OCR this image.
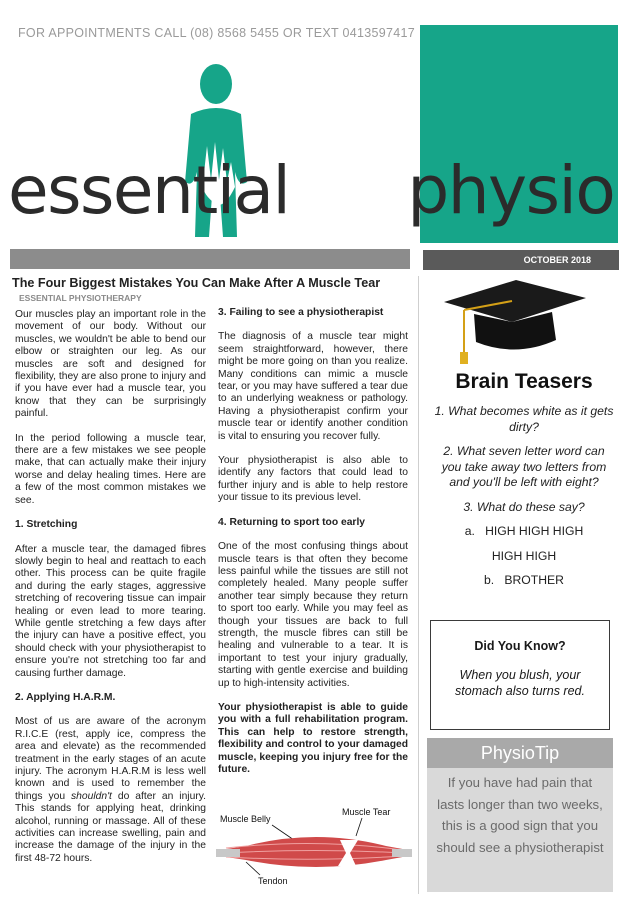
FOR APPOINTMENTS CALL (08) 8568 5455 OR TEXT 0413597417
essential physio
OCTOBER 2018
The Four Biggest Mistakes You Can Make After A Muscle Tear
ESSENTIAL PHYSIOTHERAPY

Our muscles play an important role in the movement of our body. Without our muscles, we wouldn't be able to bend our elbow or straighten our leg. As our muscles are soft and designed for flexibility, they are also prone to injury and if you have ever had a muscle tear, you know that they can be surprisingly painful.

In the period following a muscle tear, there are a few mistakes we see people make, that can actually make their injury worse and delay healing times. Here are a few of the most common mistakes we see.

1. Stretching

After a muscle tear, the damaged fibres slowly begin to heal and reattach to each other. This process can be quite fragile and during the early stages, aggressive stretching of recovering tissue can impair healing or even lead to more tearing. While gentle stretching a few days after the injury can have a positive effect, you should check with your physiotherapist to ensure you're not stretching too far and causing further damage.

2. Applying H.A.R.M.

Most of us are aware of the acronym R.I.C.E (rest, apply ice, compress the area and elevate) as the recommended treatment in the early stages of an acute injury. The acronym H.A.R.M is less well known and is used to remember the things you shouldn't do after an injury. This stands for applying heat, drinking alcohol, running or massage. All of these activities can increase swelling, pain and increase the damage of the injury in the first 48-72 hours.

3. Failing to see a physiotherapist

The diagnosis of a muscle tear might seem straightforward, however, there might be more going on than you realize. Many conditions can mimic a muscle tear, or you may have suffered a tear due to an underlying weakness or pathology. Having a physiotherapist confirm your muscle tear or identify another condition is vital to ensuring you recover fully.

Your physiotherapist is also able to identify any factors that could lead to further injury and is able to help restore your tissue to its previous level.

4. Returning to sport too early

One of the most confusing things about muscle tears is that often they become less painful while the tissues are still not completely healed. Many people suffer another tear simply because they return to sport too early. While you may feel as though your tissues are back to full strength, the muscle fibres can still be healing and vulnerable to a tear. It is important to test your injury gradually, starting with gentle exercise and building up to high-intensity activities.

Your physiotherapist is able to guide you with a full rehabilitation program. This can help to restore strength, flexibility and control to your damaged muscle, keeping you injury free for the future.

Muscle Belly
Muscle Tear
Tendon
Brain Teasers
1. What becomes white as it gets dirty?
2. What seven letter word can you take away two letters from and you'll be left with eight?
3. What do these say?
a. HIGH HIGH HIGH
HIGH HIGH
b. BROTHER
Did You Know?
When you blush, your stomach also turns red.
PhysioTip
If you have had pain that lasts longer than two weeks, this is a good sign that you should see a physiotherapist
